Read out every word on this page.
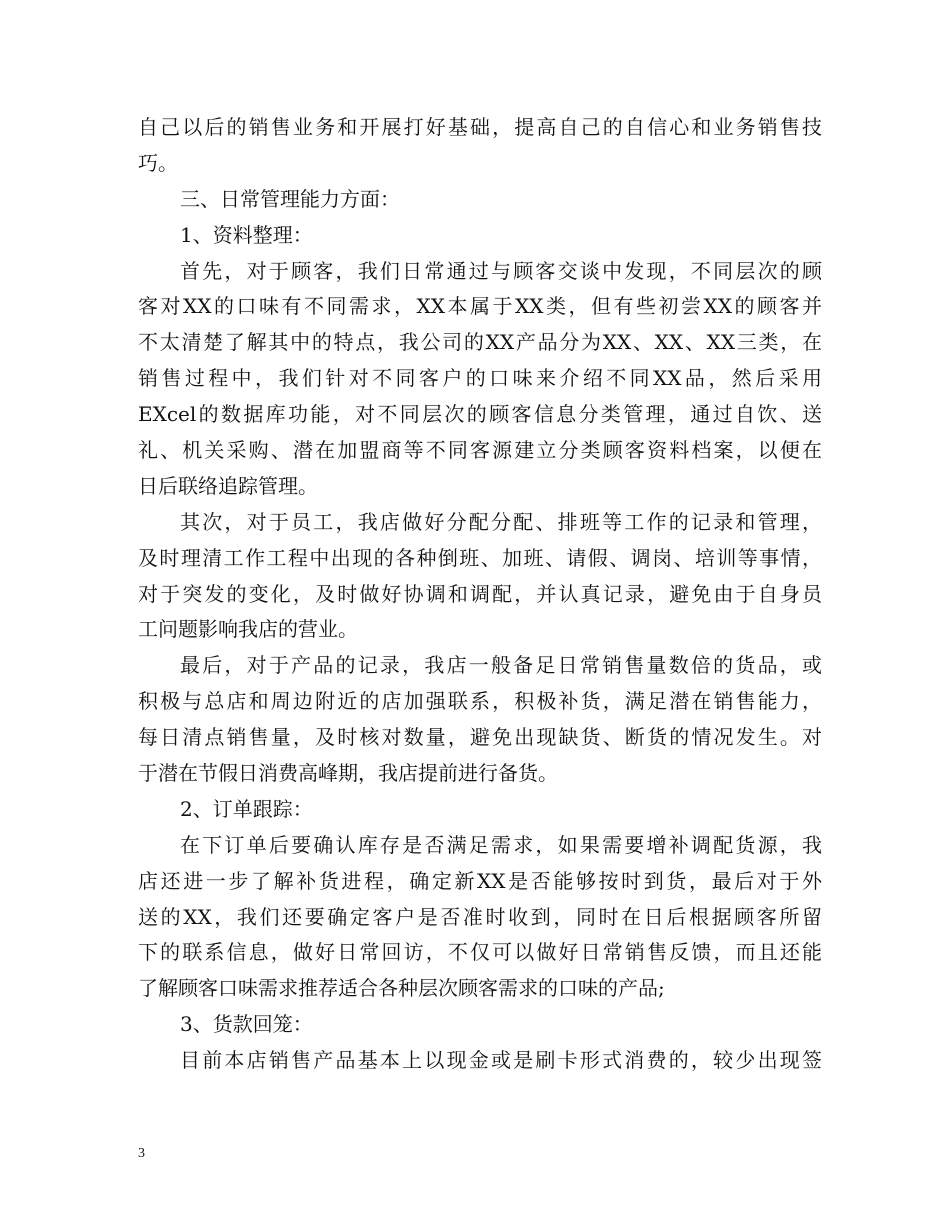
自己以后的销售业务和开展打好基础，提高自己的自信心和业务销售技
巧。
三、日常管理能力方面：
1、资料整理：
首先，对于顾客，我们日常通过与顾客交谈中发现，不同层次的顾
客对XX的口味有不同需求，XX本属于XX类，但有些初尝XX的顾客并
不太清楚了解其中的特点，我公司的XX产品分为XX、XX、XX三类，在
销售过程中，我们针对不同客户的口味来介绍不同XX品，然后采用
EXcel的数据库功能，对不同层次的顾客信息分类管理，通过自饮、送
礼、机关采购、潜在加盟商等不同客源建立分类顾客资料档案，以便在
日后联络追踪管理。
其次，对于员工，我店做好分配分配、排班等工作的记录和管理，
及时理清工作工程中出现的各种倒班、加班、请假、调岗、培训等事情，
对于突发的变化，及时做好协调和调配，并认真记录，避免由于自身员
工问题影响我店的营业。
最后，对于产品的记录，我店一般备足日常销售量数倍的货品，或
积极与总店和周边附近的店加强联系，积极补货，满足潜在销售能力，
每日清点销售量，及时核对数量，避免出现缺货、断货的情况发生。对
于潜在节假日消费高峰期，我店提前进行备货。
2、订单跟踪：
在下订单后要确认库存是否满足需求，如果需要增补调配货源，我
店还进一步了解补货进程，确定新XX是否能够按时到货，最后对于外
送的XX，我们还要确定客户是否准时收到，同时在日后根据顾客所留
下的联系信息，做好日常回访，不仅可以做好日常销售反馈，而且还能
了解顾客口味需求推荐适合各种层次顾客需求的口味的产品;
3、货款回笼：
目前本店销售产品基本上以现金或是刷卡形式消费的，较少出现签
3
